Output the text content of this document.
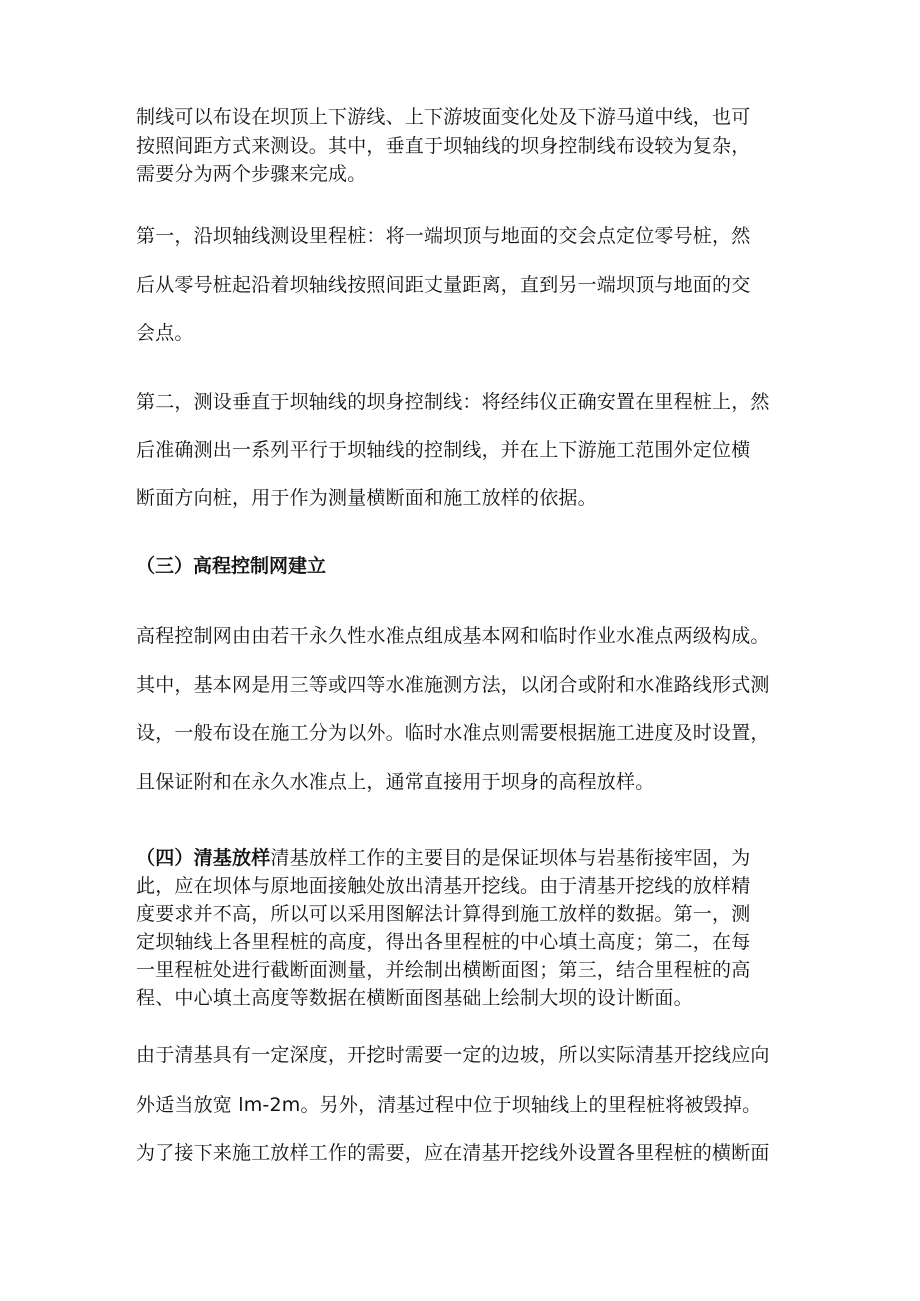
制线可以布设在坝顶上下游线、上下游坡面变化处及下游马道中线，也可
按照间距方式来测设。其中，垂直于坝轴线的坝身控制线布设较为复杂，
需要分为两个步骤来完成。
第一，沿坝轴线测设里程桩：将一端坝顶与地面的交会点定位零号桩，然
后从零号桩起沿着坝轴线按照间距丈量距离，直到另一端坝顶与地面的交
会点。
第二，测设垂直于坝轴线的坝身控制线：将经纬仪正确安置在里程桩上，然
后准确测出一系列平行于坝轴线的控制线，并在上下游施工范围外定位横
断面方向桩，用于作为测量横断面和施工放样的依据。
（三）高程控制网建立
高程控制网由由若干永久性水准点组成基本网和临时作业水准点两级构成。
其中，基本网是用三等或四等水准施测方法，以闭合或附和水准路线形式测
设，一般布设在施工分为以外。临时水准点则需要根据施工进度及时设置，
且保证附和在永久水准点上，通常直接用于坝身的高程放样。
（四）清基放样清基放样工作的主要目的是保证坝体与岩基衔接牢固，为
此，应在坝体与原地面接触处放出清基开挖线。由于清基开挖线的放样精
度要求并不高，所以可以采用图解法计算得到施工放样的数据。第一，测
定坝轴线上各里程桩的高度，得出各里程桩的中心填土高度；第二，在每
一里程桩处进行截断面测量，并绘制出横断面图；第三，结合里程桩的高
程、中心填土高度等数据在横断面图基础上绘制大坝的设计断面。
由于清基具有一定深度，开挖时需要一定的边坡，所以实际清基开挖线应向
外适当放宽 lm-2m。另外，清基过程中位于坝轴线上的里程桩将被毁掉。
为了接下来施工放样工作的需要，应在清基开挖线外设置各里程桩的横断面
